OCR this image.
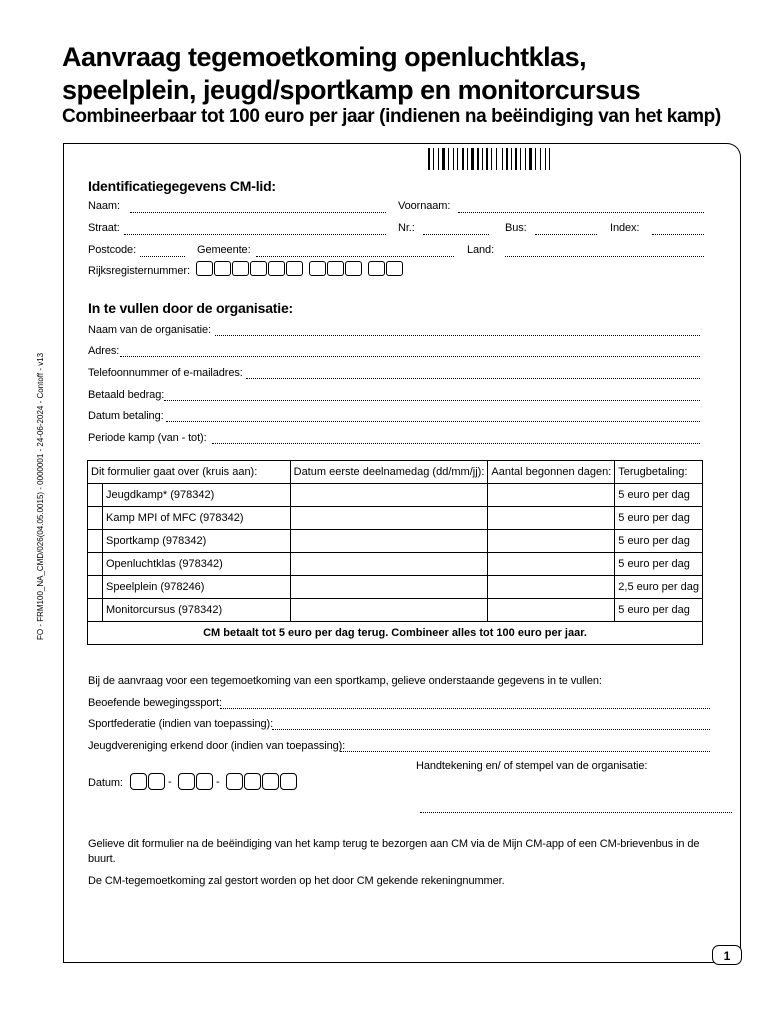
Aanvraag tegemoetkoming openluchtklas,
speelplein, jeugd/sportkamp en monitorcursus
Combineerbaar tot 100 euro per jaar (indienen na beëindiging van het kamp)
FO - FRM100_NA_CMD/026(04.05.0015) - 0000001 - 24-06-2024 - Contoff - v13
Identificatiegegevens CM-lid:
Naam:	Voornaam:
Straat:	Nr.:	Bus:	Index:
Postcode:	Gemeente:	Land:
Rijksregisternummer:
In te vullen door de organisatie:
Naam van de organisatie:
Adres:
Telefoonnummer of e-mailadres:
Betaald bedrag:
Datum betaling:
Periode kamp (van - tot):
Dit formulier gaat over (kruis aan):		Datum eerste deelnamedag (dd/mm/jj):	Aantal begonnen dagen:	Terugbetaling:
	Jeugdkamp* (978342)			5 euro per dag
	Kamp MPI of MFC (978342)			5 euro per dag
	Sportkamp (978342)			5 euro per dag
	Openluchtklas (978342)			5 euro per dag
	Speelplein (978246)			2,5 euro per dag
	Monitorcursus (978342)			5 euro per dag
CM betaalt tot 5 euro per dag terug. Combineer alles tot 100 euro per jaar.				
Bij de aanvraag voor een tegemoetkoming van een sportkamp, gelieve onderstaande gegevens in te vullen:
Beoefende bewegingssport:
Sportfederatie (indien van toepassing):
Jeugdvereniging erkend door (indien van toepassing):
Handtekening en/ of stempel van de organisatie:
Datum:	-	-
Gelieve dit formulier na de beëindiging van het kamp terug te bezorgen aan CM via de Mijn CM-app of een CM-brievenbus in de
buurt.
De CM-tegemoetkoming zal gestort worden op het door CM gekende rekeningnummer.
1
